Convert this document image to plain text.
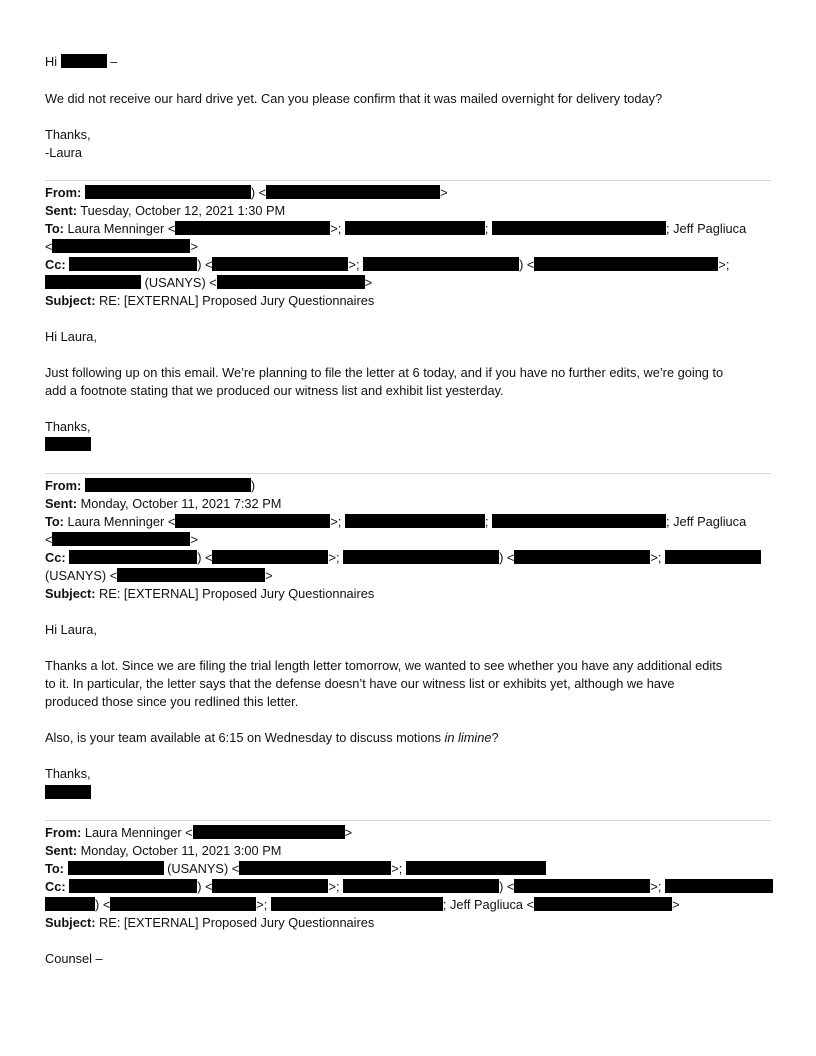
Hi	–
We did not receive our hard drive yet. Can you please confirm that it was mailed overnight for delivery today?
Thanks,
-Laura
From:	) <	>
Sent: Tuesday, October 12, 2021 1:30 PM
To: Laura Menninger <	>;	;	; Jeff Pagliuca
<	>
Cc:	) <	>;	) <	>;
(USANYS) <	>
Subject: RE: [EXTERNAL] Proposed Jury Questionnaires
Hi Laura,
Just following up on this email. We’re planning to file the letter at 6 today, and if you have no further edits, we’re going to
add a footnote stating that we produced our witness list and exhibit list yesterday.
Thanks,
From:	)
Sent: Monday, October 11, 2021 7:32 PM
To: Laura Menninger <	>;	;	; Jeff Pagliuca
<	>
Cc:	) <	>;	) <	>;
(USANYS) <	>
Subject: RE: [EXTERNAL] Proposed Jury Questionnaires
Hi Laura,
Thanks a lot. Since we are filing the trial length letter tomorrow, we wanted to see whether you have any additional edits
to it. In particular, the letter says that the defense doesn’t have our witness list or exhibits yet, although we have
produced those since you redlined this letter.
Also, is your team available at 6:15 on Wednesday to discuss motions in limine?
Thanks,
From: Laura Menninger <	>
Sent: Monday, October 11, 2021 3:00 PM
To:	(USANYS) <	>;
Cc:	) <	>;	) <	>;
) <	>;	; Jeff Pagliuca <	>
Subject: RE: [EXTERNAL] Proposed Jury Questionnaires
Counsel –
